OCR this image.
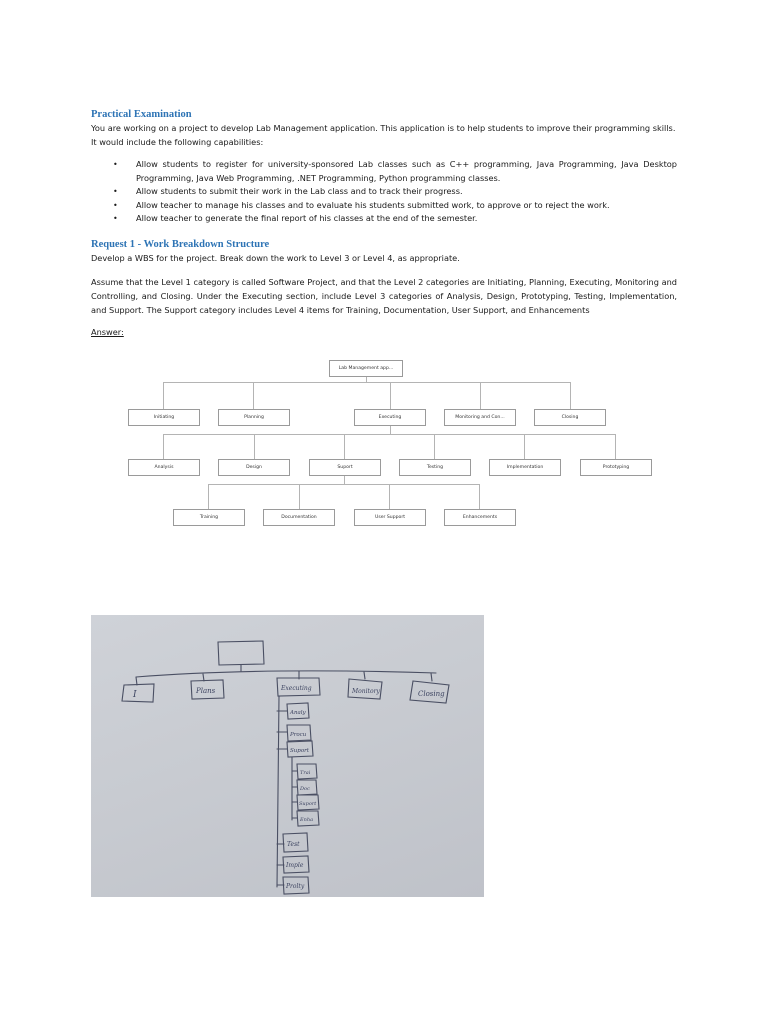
Practical Examination
You are working on a project to develop Lab Management application. This application is to help students to improve their programming skills.
It would include the following capabilities:
• Allow students to register for university-sponsored Lab classes such as C++ programming, Java Programming, Java Desktop Programming, Java Web Programming, .NET Programming, Python programming classes.
• Allow students to submit their work in the Lab class and to track their progress.
• Allow teacher to manage his classes and to evaluate his students submitted work, to approve or to reject the work.
• Allow teacher to generate the final report of his classes at the end of the semester.
Request 1 - Work Breakdown Structure
Develop a WBS for the project. Break down the work to Level 3 or Level 4, as appropriate.
Assume that the Level 1 category is called Software Project, and that the Level 2 categories are Initiating, Planning, Executing, Monitoring and Controlling, and Closing. Under the Executing section, include Level 3 categories of Analysis, Design, Prototyping, Testing, Implementation, and Support. The Support category includes Level 4 items for Training, Documentation, User Support, and Enhancements
Answer:
Lab Management app...
Initiating	Planning	Executing	Monitoring and Con...	Closing
Analysis	Design	Suport	Testing	Implementation	Prototyping
Training	Documentation	User Support	Enhancements
I	Plans	Executing	Monitory	Closing
Analy
Procu
Suport
Trai
Doc
Suport
Enha
Test
Imple
Prolty
